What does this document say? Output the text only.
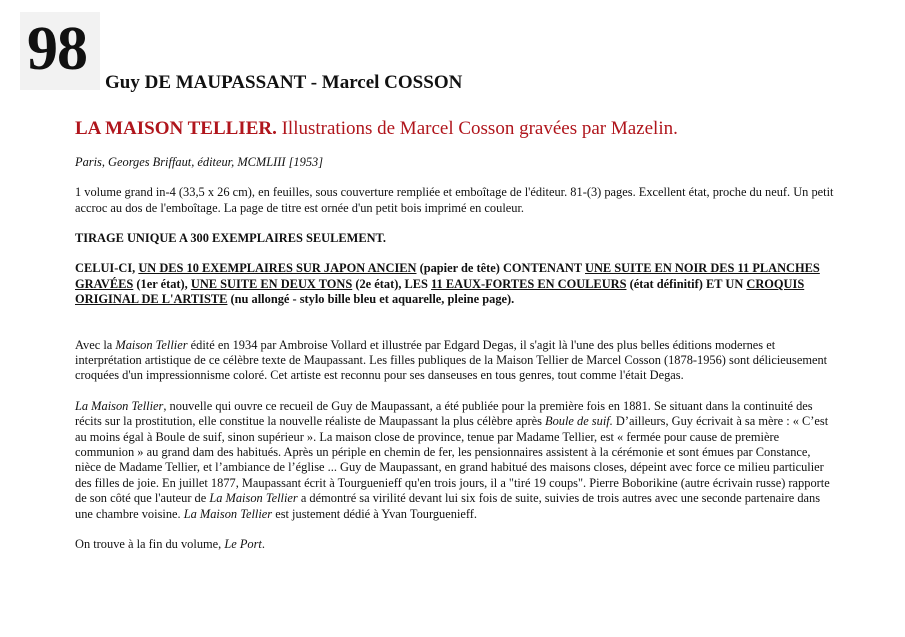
98 Guy DE MAUPASSANT - Marcel COSSON
LA MAISON TELLIER. Illustrations de Marcel Cosson gravées par Mazelin.

Paris, Georges Briffaut, éditeur, MCMLIII [1953]

1 volume grand in-4 (33,5 x 26 cm), en feuilles, sous couverture rempliée et emboîtage de l'éditeur. 81-(3) pages. Excellent état, proche du neuf. Un petit accroc au dos de l'emboîtage. La page de titre est ornée d'un petit bois imprimé en couleur.

TIRAGE UNIQUE A 300 EXEMPLAIRES SEULEMENT.

CELUI-CI, UN DES 10 EXEMPLAIRES SUR JAPON ANCIEN (papier de tête) CONTENANT UNE SUITE EN NOIR DES 11 PLANCHES GRAVÉES (1er état), UNE SUITE EN DEUX TONS (2e état), LES 11 EAUX-FORTES EN COULEURS (état définitif) ET UN CROQUIS ORIGINAL DE L'ARTISTE (nu allongé - stylo bille bleu et aquarelle, pleine page).

Avec la Maison Tellier édité en 1934 par Ambroise Vollard et illustrée par Edgard Degas, il s'agit là l'une des plus belles éditions modernes et interprétation artistique de ce célèbre texte de Maupassant. Les filles publiques de la Maison Tellier de Marcel Cosson (1878-1956) sont délicieusement croquées d'un impressionnisme coloré. Cet artiste est reconnu pour ses danseuses en tous genres, tout comme l'était Degas.

La Maison Tellier, nouvelle qui ouvre ce recueil de Guy de Maupassant, a été publiée pour la première fois en 1881. Se situant dans la continuité des récits sur la prostitution, elle constitue la nouvelle réaliste de Maupassant la plus célèbre après Boule de suif. D’ailleurs, Guy écrivait à sa mère : « C’est au moins égal à Boule de suif, sinon supérieur ». La maison close de province, tenue par Madame Tellier, est « fermée pour cause de première communion » au grand dam des habitués. Après un périple en chemin de fer, les pensionnaires assistent à la cérémonie et sont émues par Constance, nièce de Madame Tellier, et l’ambiance de l’église ... Guy de Maupassant, en grand habitué des maisons closes, dépeint avec force ce milieu particulier des filles de joie. En juillet 1877, Maupassant écrit à Tourguenieff qu'en trois jours, il a "tiré 19 coups". Pierre Boborikine (autre écrivain russe) rapporte de son côté que l'auteur de La Maison Tellier a démontré sa virilité devant lui six fois de suite, suivies de trois autres avec une seconde partenaire dans une chambre voisine. La Maison Tellier est justement dédié à Yvan Tourguenieff.

On trouve à la fin du volume, Le Port.
